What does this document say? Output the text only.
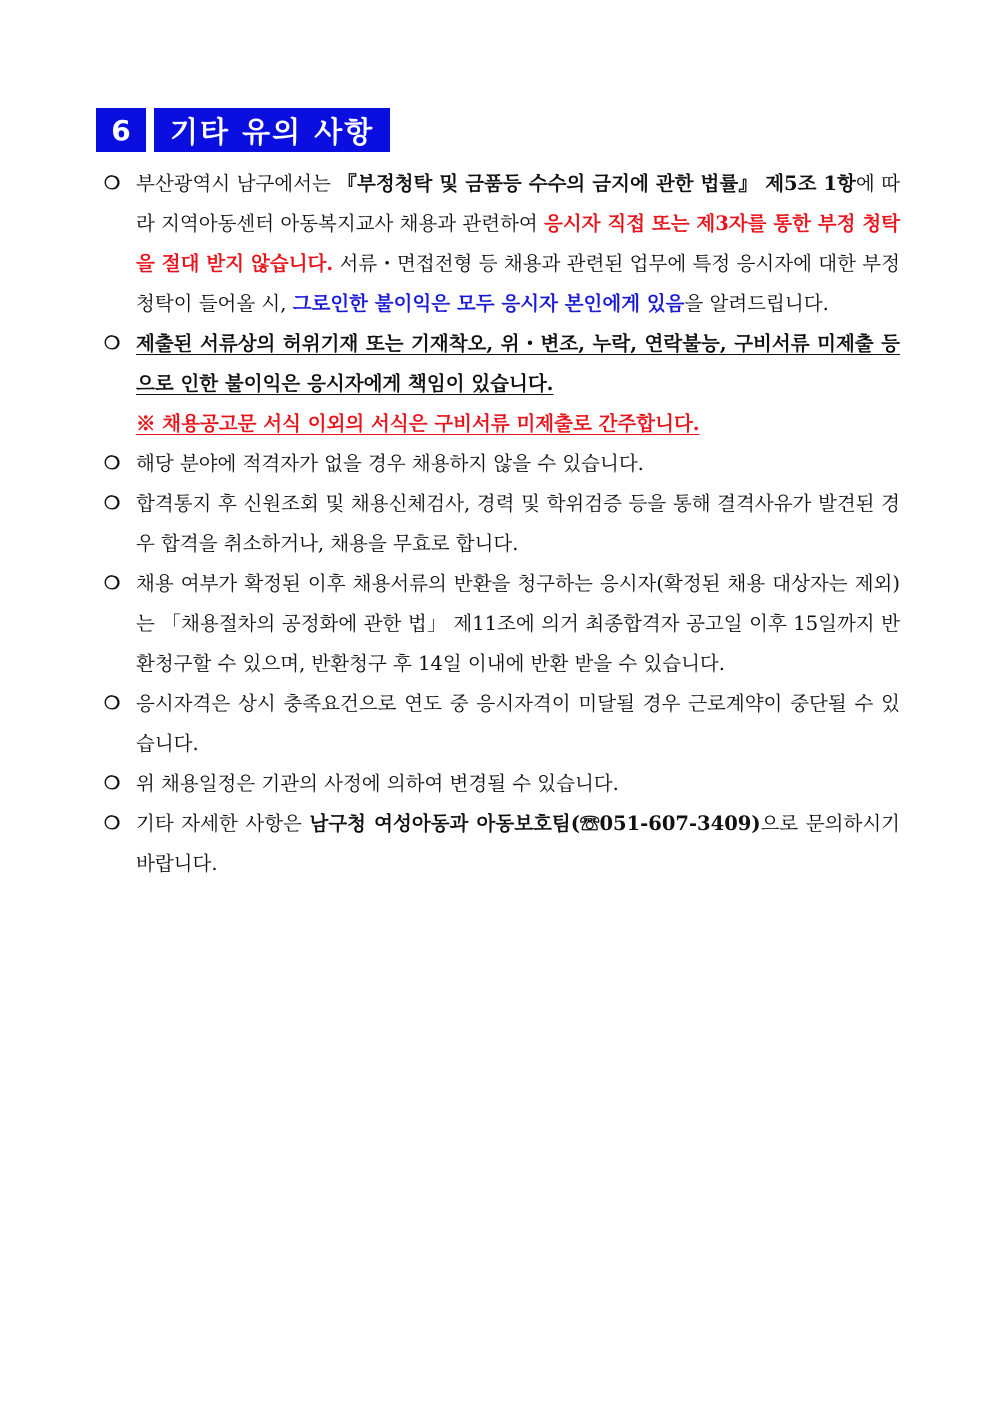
6	기타 유의 사항
❍ 부산광역시 남구에서는 『부정청탁 및 금품등 수수의 금지에 관한 법률』 제5조 1항에 따라 지역아동센터 아동복지교사 채용과 관련하여 응시자 직접 또는 제3자를 통한 부정 청탁을 절대 받지 않습니다. 서류・면접전형 등 채용과 관련된 업무에 특정 응시자에 대한 부정청탁이 들어올 시, 그로인한 불이익은 모두 응시자 본인에게 있음을 알려드립니다.
❍ 제출된 서류상의 허위기재 또는 기재착오, 위・변조, 누락, 연락불능, 구비서류 미제출 등으로 인한 불이익은 응시자에게 책임이 있습니다.
※ 채용공고문 서식 이외의 서식은 구비서류 미제출로 간주합니다.
❍ 해당 분야에 적격자가 없을 경우 채용하지 않을 수 있습니다.
❍ 합격통지 후 신원조회 및 채용신체검사, 경력 및 학위검증 등을 통해 결격사유가 발견된 경우 합격을 취소하거나, 채용을 무효로 합니다.
❍ 채용 여부가 확정된 이후 채용서류의 반환을 청구하는 응시자(확정된 채용 대상자는 제외)는 「채용절차의 공정화에 관한 법」 제11조에 의거 최종합격자 공고일 이후 15일까지 반환청구할 수 있으며, 반환청구 후 14일 이내에 반환 받을 수 있습니다.
❍ 응시자격은 상시 충족요건으로 연도 중 응시자격이 미달될 경우 근로계약이 중단될 수 있습니다.
❍ 위 채용일정은 기관의 사정에 의하여 변경될 수 있습니다.
❍ 기타 자세한 사항은 남구청 여성아동과 아동보호팀(☏051-607-3409)으로 문의하시기 바랍니다.
